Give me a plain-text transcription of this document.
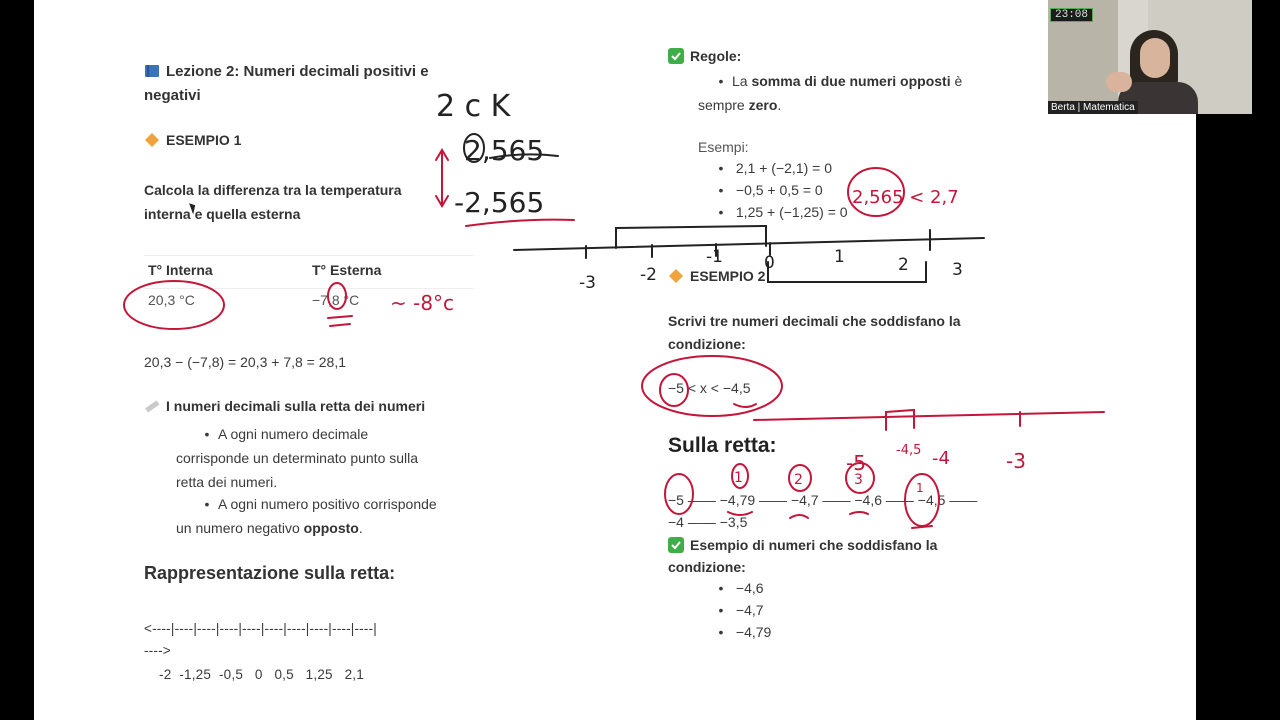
Lezione 2: Numeri decimali positivi e
negativi
ESEMPIO 1
Calcola la differenza tra la temperatura
interna e quella esterna
T° Interna	T° Esterna
20,3 °C	−7,8 °C
20,3 − (−7,8) = 20,3 + 7,8 = 28,1
I numeri decimali sulla retta dei numeri
• A ogni numero decimale
corrisponde un determinato punto sulla
retta dei numeri.
• A ogni numero positivo corrisponde
un numero negativo opposto.
Rappresentazione sulla retta:
<----|----|----|----|----|----|----|----|----|----|
---->
-2  -1,25  -0,5   0   0,5   1,25   2,1
Regole:
• La somma di due numeri opposti è
sempre zero.
Esempi:
• 2,1 + (−2,1) = 0
• −0,5 + 0,5 = 0
• 1,25 + (−1,25) = 0
ESEMPIO 2
Scrivi tre numeri decimali che soddisfano la
condizione:
−5 < x < −4,5
Sulla retta:
−5 —— −4,79 —— −4,7 —— −4,6 —— −4,5 ——
−4 —— −3,5
Esempio di numeri che soddisfano la
condizione:
• −4,6
• −4,7
• −4,79
2 c K
2,565
-2,565
-3	-2
-1 0	1	2	3
2,565 < 2,7
~ -8°c
-5
-4,5 -4	-3
1	2	3	1
23:08
Berta | Matematica
